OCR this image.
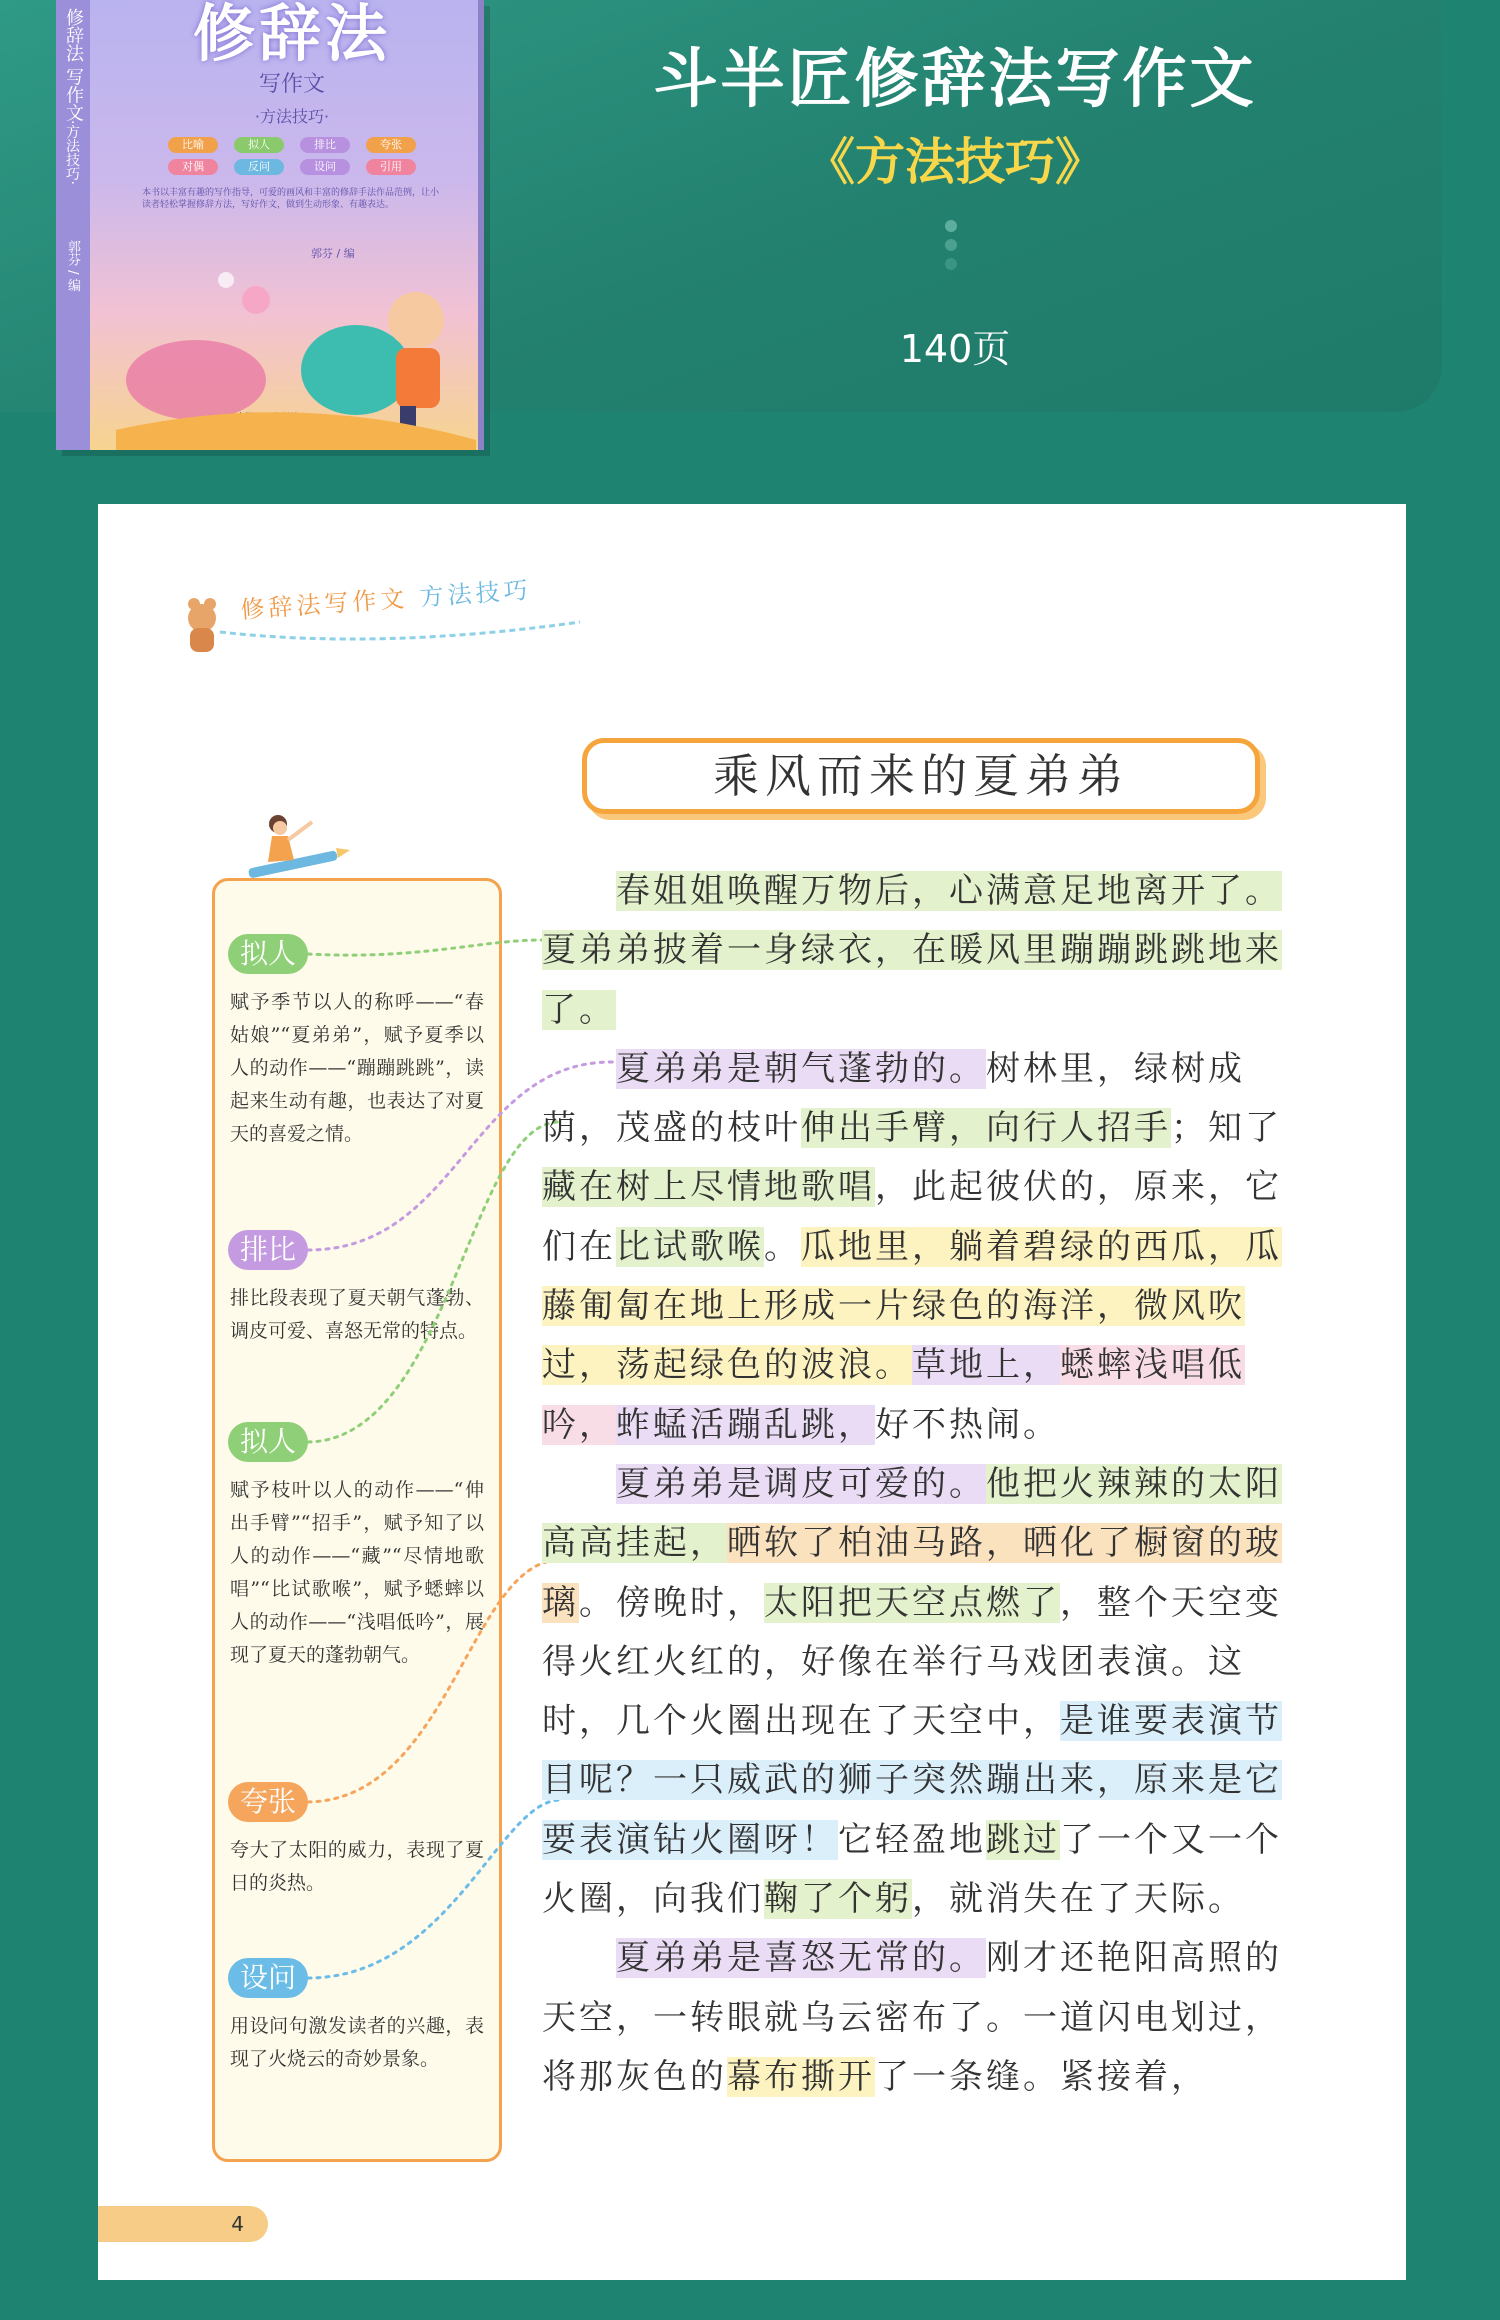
斗半匠修辞法写作文
《方法技巧》
140页
修辞法 写作文
·方法技巧·
郭芬 / 编
修辞法
写作文
·方法技巧·
比喻	拟人	排比	夸张
对偶	反问	设问	引用
本书以丰富有趣的写作指导，可爱的画风和丰富的修辞手法作品范例，让小读者轻松掌握修辞方法，写好作文，做到生动形象、有趣表达。
郭芬 / 编
修辞法写作文 方法技巧
乘风而来的夏弟弟
拟人
赋予季节以人的称呼——“春姑娘”“夏弟弟”，赋予夏季以人的动作——“蹦蹦跳跳”，读起来生动有趣，也表达了对夏天的喜爱之情。
排比
排比段表现了夏天朝气蓬勃、调皮可爱、喜怒无常的特点。
拟人
赋予枝叶以人的动作——“伸出手臂”“招手”，赋予知了以人的动作——“藏”“尽情地歌唱”“比试歌喉”，赋予蟋蟀以人的动作——“浅唱低吟”，展现了夏天的蓬勃朝气。
夸张
夸大了太阳的威力，表现了夏日的炎热。
设问
用设问句激发读者的兴趣，表现了火烧云的奇妙景象。

　　春姐姐唤醒万物后，心满意足地离开了。夏弟弟披着一身绿衣，在暖风里蹦蹦跳跳地来了。

　　夏弟弟是朝气蓬勃的。树林里，绿树成荫，茂盛的枝叶伸出手臂，向行人招手；知了藏在树上尽情地歌唱，此起彼伏的，原来，它们在比试歌喉。瓜地里，躺着碧绿的西瓜，瓜藤匍匐在地上形成一片绿色的海洋，微风吹过，荡起绿色的波浪。草地上，蟋蟀浅唱低吟，蚱蜢活蹦乱跳，好不热闹。

　　夏弟弟是调皮可爱的。他把火辣辣的太阳高高挂起，晒软了柏油马路，晒化了橱窗的玻璃。傍晚时，太阳把天空点燃了，整个天空变得火红火红的，好像在举行马戏团表演。这时，几个火圈出现在了天空中，是谁要表演节目呢？一只威武的狮子突然蹦出来，原来是它要表演钻火圈呀！它轻盈地跳过了一个又一个火圈，向我们鞠了个躬，就消失在了天际。

　　夏弟弟是喜怒无常的。刚才还艳阳高照的天空，一转眼就乌云密布了。一道闪电划过，将那灰色的幕布撕开了一条缝。紧接着，

4
